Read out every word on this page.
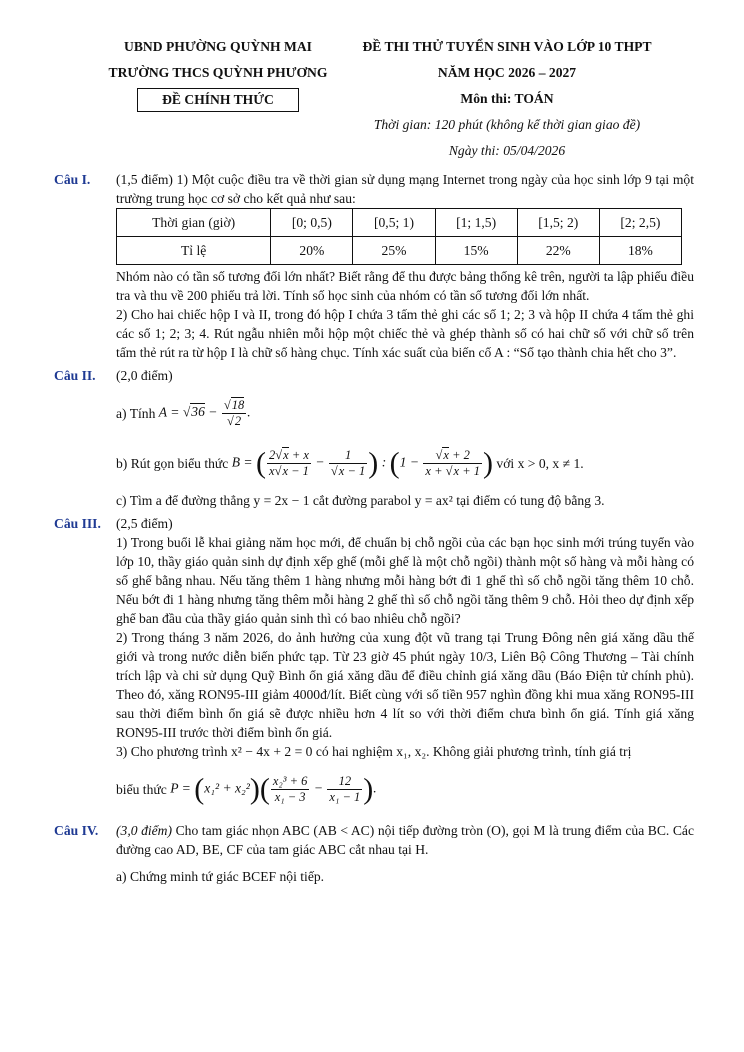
UBND PHƯỜNG QUỲNH MAI
TRƯỜNG THCS QUỲNH PHƯƠNG
ĐỀ CHÍNH THỨC
ĐỀ THI THỬ TUYỂN SINH VÀO LỚP 10 THPT
NĂM HỌC 2026 – 2027
Môn thi: TOÁN
Thời gian: 120 phút (không kể thời gian giao đề)
Ngày thi: 05/04/2026
Câu I.	(1,5 điểm) 1) Một cuộc điều tra về thời gian sử dụng mạng Internet trong ngày của học sinh lớp 9 tại một trường trung học cơ sở cho kết quả như sau:

Thời gian (giờ)	[0; 0,5)	[0,5; 1)	[1; 1,5)	[1,5; 2)	[2; 2,5)
Tỉ lệ	20%	25%	15%	22%	18%

Nhóm nào có tần số tương đối lớn nhất? Biết rằng để thu được bảng thống kê trên, người ta lập phiếu điều tra và thu về 200 phiếu trả lời. Tính số học sinh của nhóm có tần số tương đối lớn nhất.

2) Cho hai chiếc hộp I và II, trong đó hộp I chứa 3 tấm thẻ ghi các số 1; 2; 3 và hộp II chứa 4 tấm thẻ ghi các số 1; 2; 3; 4. Rút ngẫu nhiên mỗi hộp một chiếc thẻ và ghép thành số có hai chữ số với chữ số trên tấm thẻ rút ra từ hộp I là chữ số hàng chục. Tính xác suất của biến cố A : “Số tạo thành chia hết cho 3”.

Câu II.	(2,0 điểm)

a) Tính
$A = √36 - \frac{√18}{√2}$ .
b) Rút gọn biểu thức
B = ( $\frac{2√x + x}{x√x - 1} - \frac{1}{√x - 1}$ ) : ($1 - \frac{√x + 2}{x + √x + 1}$ )
với x > 0, x ≠ 1.

c) Tìm a để đường thẳng y = 2x − 1 cắt đường parabol y = ax² tại điểm có tung độ bằng 3.

Câu III.	(2,5 điểm)

1) Trong buổi lễ khai giảng năm học mới, để chuẩn bị chỗ ngồi của các bạn học sinh mới trúng tuyển vào lớp 10, thầy giáo quản sinh dự định xếp ghế (mỗi ghế là một chỗ ngồi) thành một số hàng và mỗi hàng có số ghế bằng nhau. Nếu tăng thêm 1 hàng nhưng mỗi hàng bớt đi 1 ghế thì số chỗ ngồi tăng thêm 10 chỗ. Nếu bớt đi 1 hàng nhưng tăng thêm mỗi hàng 2 ghế thì số chỗ ngồi tăng thêm 9 chỗ. Hỏi theo dự định xếp ghế ban đầu của thầy giáo quản sinh thì có bao nhiêu chỗ ngồi?

2) Trong tháng 3 năm 2026, do ảnh hưởng của xung đột vũ trang tại Trung Đông nên giá xăng dầu thế giới và trong nước diễn biến phức tạp. Từ 23 giờ 45 phút ngày 10/3, Liên Bộ Công Thương – Tài chính trích lập và chi sử dụng Quỹ Bình ổn giá xăng dầu để điều chỉnh giá xăng dầu (Báo Điện tử chính phủ). Theo đó, xăng RON95-III giảm 4000đ/lít. Biết cùng với số tiền 957 nghìn đồng khi mua xăng RON95-III sau thời điểm bình ổn giá sẽ được nhiều hơn 4 lít so với thời điểm chưa bình ổn giá. Tính giá xăng RON95-III trước thời điểm bình ổn giá.

3) Cho phương trình x² − 4x + 2 = 0 có hai nghiệm x₁, x₂. Không giải phương trình, tính giá trị

biểu thức
$P = (x_1^2 + x_2^2)( \frac{\text{x₂³ + 6}}{\text{x₁ − 3}} - \frac{12}{\text{x₁ − 1}}$ ).
Câu IV.	(3,0 điểm) Cho tam giác nhọn ABC (AB < AC) nội tiếp đường tròn (O), gọi M là trung điểm của BC. Các đường cao AD, BE, CF của tam giác ABC cắt nhau tại H.

a) Chứng minh tứ giác BCEF nội tiếp.
